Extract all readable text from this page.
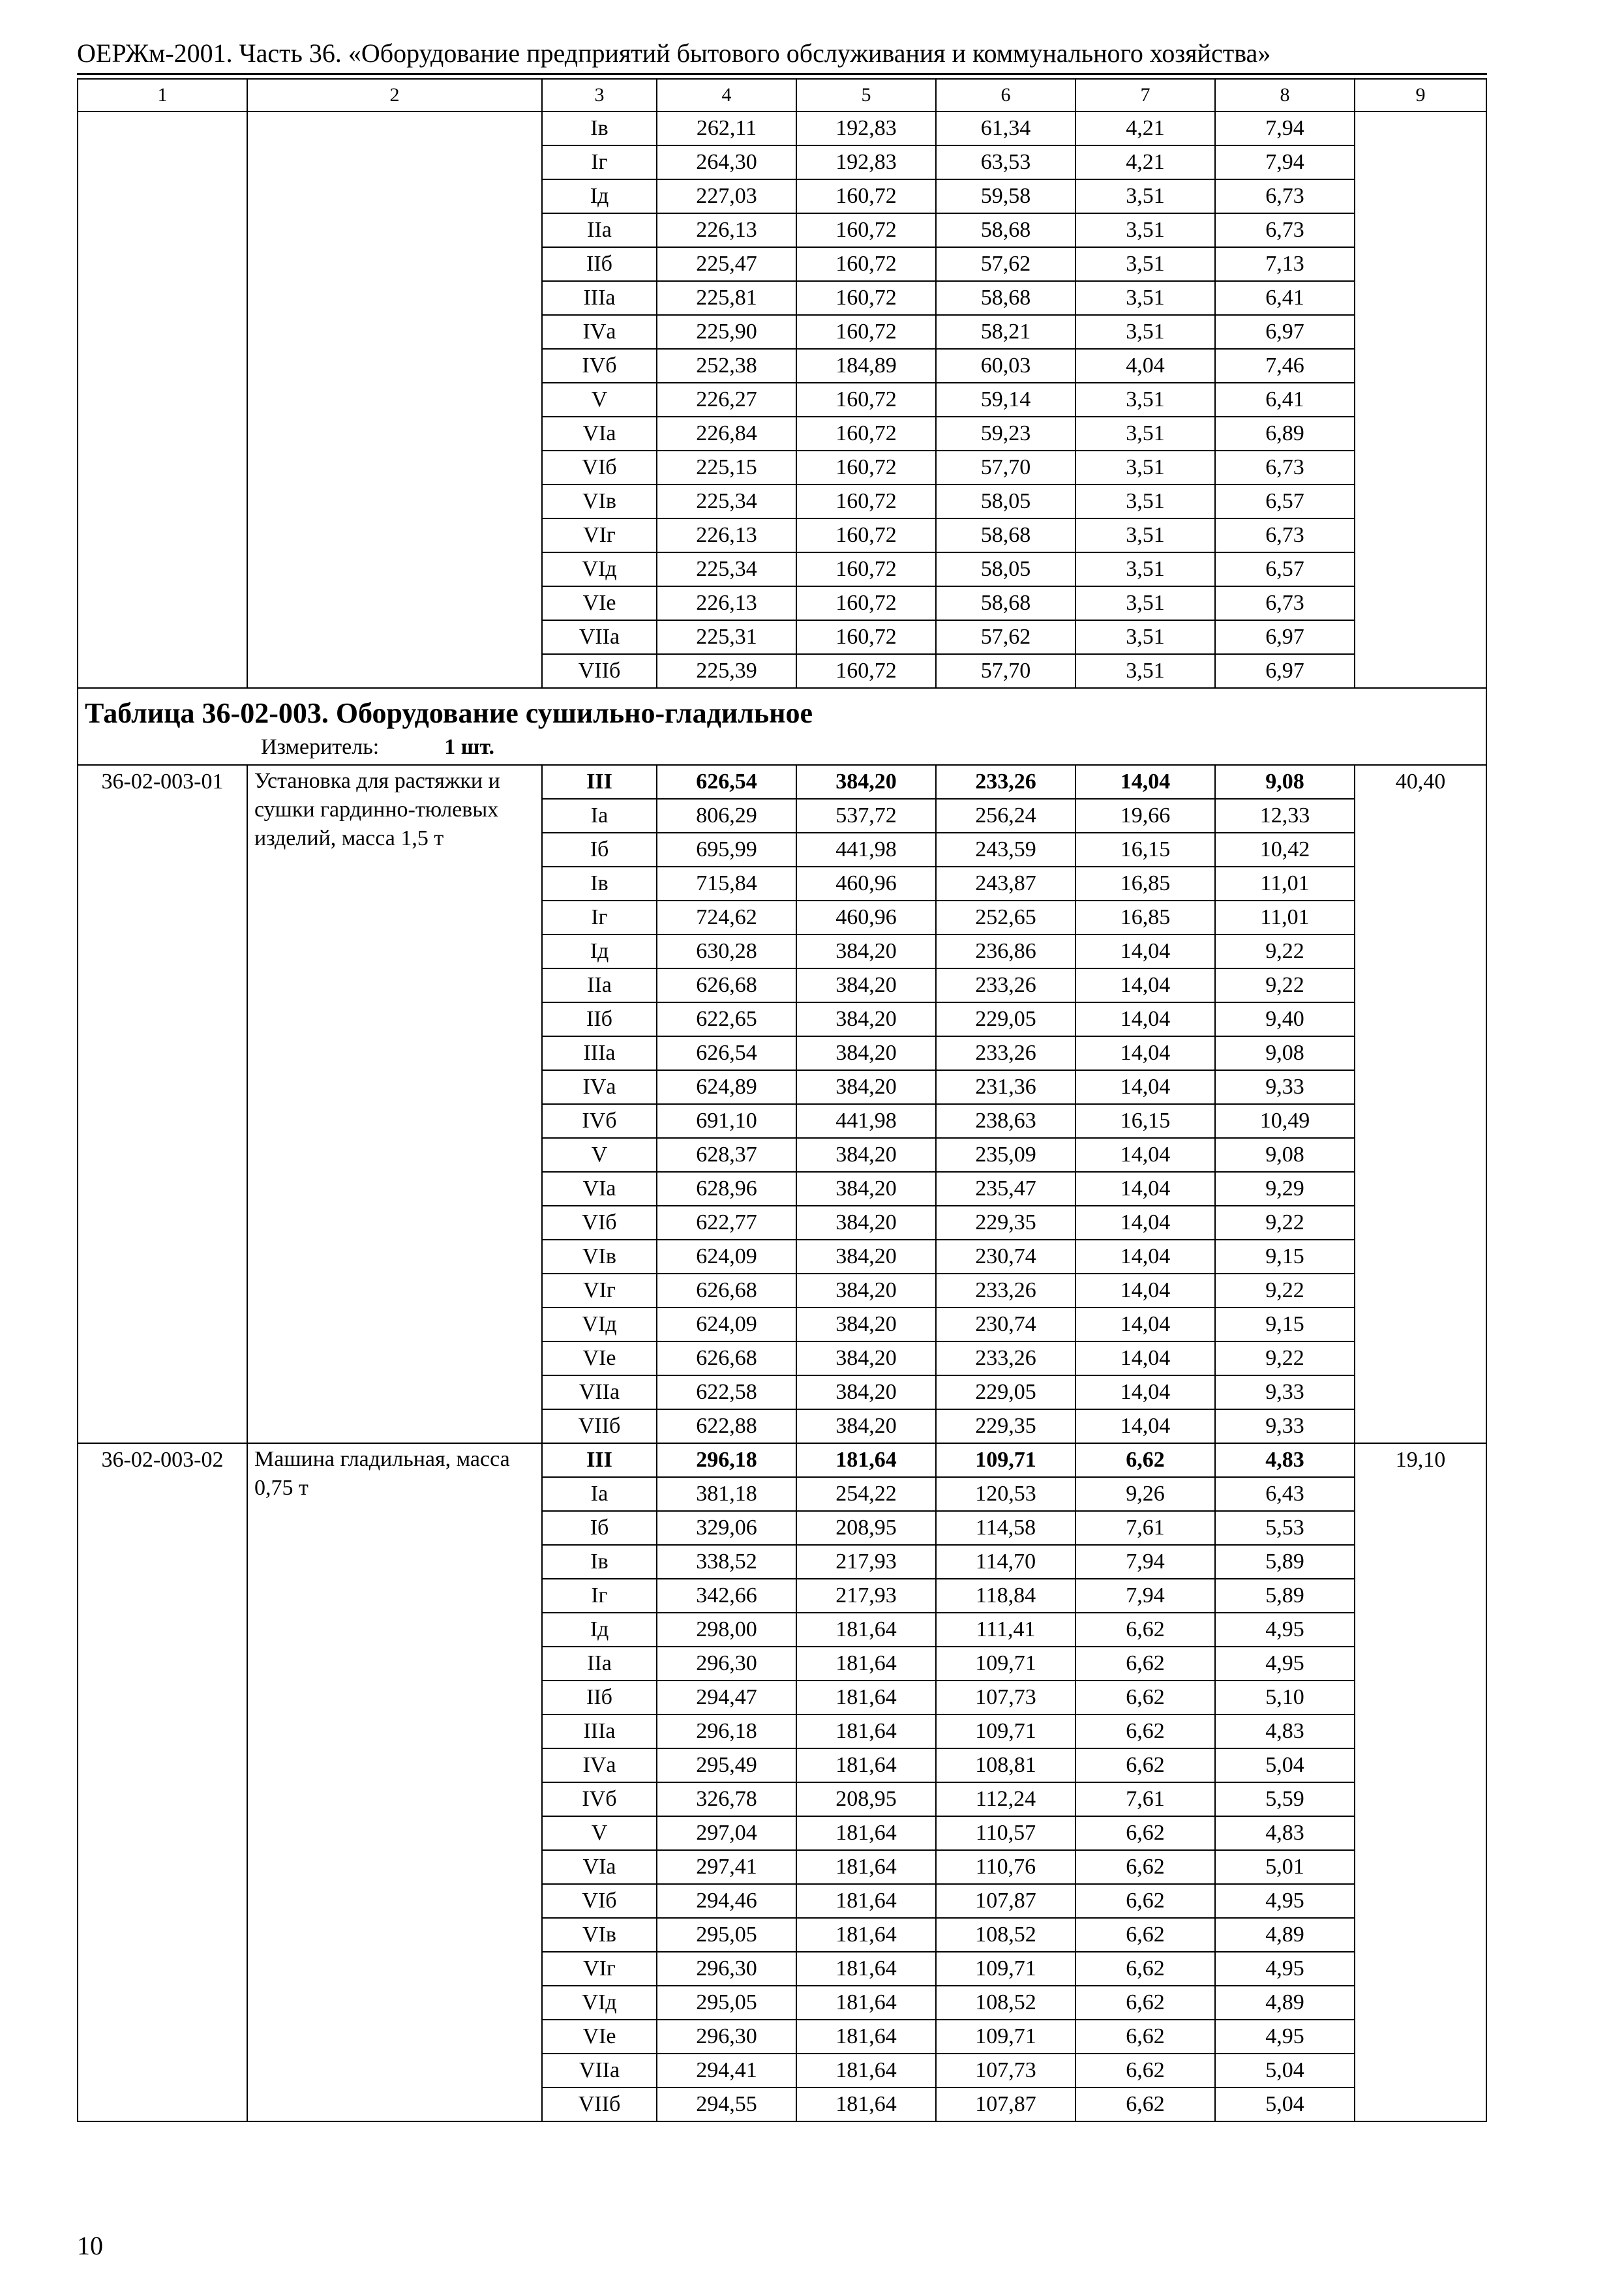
ОЕРЖм-2001. Часть 36. «Оборудование предприятий бытового обслуживания и коммунального хозяйства»
1	2	3	4	5	6	7	8	9
		Iв	262,11	192,83	61,34	4,21	7,94	
		Iг	264,30	192,83	63,53	4,21	7,94	
		Iд	227,03	160,72	59,58	3,51	6,73	
		IIа	226,13	160,72	58,68	3,51	6,73	
		IIб	225,47	160,72	57,62	3,51	7,13	
		IIIа	225,81	160,72	58,68	3,51	6,41	
		IVа	225,90	160,72	58,21	3,51	6,97	
		IVб	252,38	184,89	60,03	4,04	7,46	
		V	226,27	160,72	59,14	3,51	6,41	
		VIа	226,84	160,72	59,23	3,51	6,89	
		VIб	225,15	160,72	57,70	3,51	6,73	
		VIв	225,34	160,72	58,05	3,51	6,57	
		VIг	226,13	160,72	58,68	3,51	6,73	
		VIд	225,34	160,72	58,05	3,51	6,57	
		VIе	226,13	160,72	58,68	3,51	6,73	
		VIIа	225,31	160,72	57,62	3,51	6,97	
		VIIб	225,39	160,72	57,70	3,51	6,97	

Таблица 36-02-003. Оборудование сушильно-гладильное
Измеритель: 1 шт.								

36-02-003-01	Установка для растяжки и сушки гардинно-тюлевых изделий, масса 1,5 т	III	626,54	384,20	233,26	14,04	9,08	40,40
		Iа	806,29	537,72	256,24	19,66	12,33	
		Iб	695,99	441,98	243,59	16,15	10,42	
		Iв	715,84	460,96	243,87	16,85	11,01	
		Iг	724,62	460,96	252,65	16,85	11,01	
		Iд	630,28	384,20	236,86	14,04	9,22	
		IIа	626,68	384,20	233,26	14,04	9,22	
		IIб	622,65	384,20	229,05	14,04	9,40	
		IIIа	626,54	384,20	233,26	14,04	9,08	
		IVа	624,89	384,20	231,36	14,04	9,33	
		IVб	691,10	441,98	238,63	16,15	10,49	
		V	628,37	384,20	235,09	14,04	9,08	
		VIа	628,96	384,20	235,47	14,04	9,29	
		VIб	622,77	384,20	229,35	14,04	9,22	
		VIв	624,09	384,20	230,74	14,04	9,15	
		VIг	626,68	384,20	233,26	14,04	9,22	
		VIд	624,09	384,20	230,74	14,04	9,15	
		VIе	626,68	384,20	233,26	14,04	9,22	
		VIIа	622,58	384,20	229,05	14,04	9,33	
		VIIб	622,88	384,20	229,35	14,04	9,33	
36-02-003-02	Машина гладильная, масса 0,75 т	III	296,18	181,64	109,71	6,62	4,83	19,10
		Iа	381,18	254,22	120,53	9,26	6,43	
		Iб	329,06	208,95	114,58	7,61	5,53	
		Iв	338,52	217,93	114,70	7,94	5,89	
		Iг	342,66	217,93	118,84	7,94	5,89	
		Iд	298,00	181,64	111,41	6,62	4,95	
		IIа	296,30	181,64	109,71	6,62	4,95	
		IIб	294,47	181,64	107,73	6,62	5,10	
		IIIа	296,18	181,64	109,71	6,62	4,83	
		IVа	295,49	181,64	108,81	6,62	5,04	
		IVб	326,78	208,95	112,24	7,61	5,59	
		V	297,04	181,64	110,57	6,62	4,83	
		VIа	297,41	181,64	110,76	6,62	5,01	
		VIб	294,46	181,64	107,87	6,62	4,95	
		VIв	295,05	181,64	108,52	6,62	4,89	
		VIг	296,30	181,64	109,71	6,62	4,95	
		VIд	295,05	181,64	108,52	6,62	4,89	
		VIе	296,30	181,64	109,71	6,62	4,95	
		VIIа	294,41	181,64	107,73	6,62	5,04	
		VIIб	294,55	181,64	107,87	6,62	5,04	
10
